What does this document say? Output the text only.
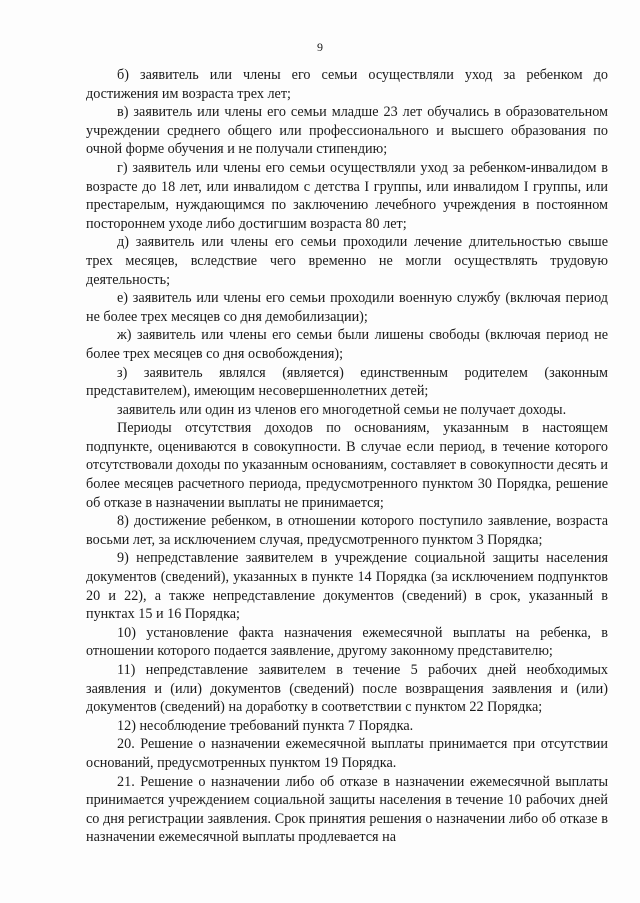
9

б) заявитель или члены его семьи осуществляли уход за ребенком до достижения им возраста трех лет;

в) заявитель или члены его семьи младше 23 лет обучались в образовательном учреждении среднего общего или профессионального и высшего образования по очной форме обучения и не получали стипендию;

г) заявитель или члены его семьи осуществляли уход за ребенком-инвалидом в возрасте до 18 лет, или инвалидом с детства I группы, или инвалидом I группы, или престарелым, нуждающимся по заключению лечебного учреждения в постоянном постороннем уходе либо достигшим возраста 80 лет;

д) заявитель или члены его семьи проходили лечение длительностью свыше трех месяцев, вследствие чего временно не могли осуществлять трудовую деятельность;

е) заявитель или члены его семьи проходили военную службу (включая период не более трех месяцев со дня демобилизации);

ж) заявитель или члены его семьи были лишены свободы (включая период не более трех месяцев со дня освобождения);

з) заявитель являлся (является) единственным родителем (законным представителем), имеющим несовершеннолетних детей;

заявитель или один из членов его многодетной семьи не получает доходы.

Периоды отсутствия доходов по основаниям, указанным в настоящем подпункте, оцениваются в совокупности. В случае если период, в течение которого отсутствовали доходы по указанным основаниям, составляет в совокупности десять и более месяцев расчетного периода, предусмотренного пунктом 30 Порядка, решение об отказе в назначении выплаты не принимается;

8) достижение ребенком, в отношении которого поступило заявление, возраста восьми лет, за исключением случая, предусмотренного пунктом 3 Порядка;

9) непредставление заявителем в учреждение социальной защиты населения документов (сведений), указанных в пункте 14 Порядка (за исключением подпунктов 20 и 22), а также непредставление документов (сведений) в срок, указанный в пунктах 15 и 16 Порядка;

10) установление факта назначения ежемесячной выплаты на ребенка, в отношении которого подается заявление, другому законному представителю;

11) непредставление заявителем в течение 5 рабочих дней необходимых заявления и (или) документов (сведений) после возвращения заявления и (или) документов (сведений) на доработку в соответствии с пунктом 22 Порядка;

12) несоблюдение требований пункта 7 Порядка.

20. Решение о назначении ежемесячной выплаты принимается при отсутствии оснований, предусмотренных пунктом 19 Порядка.

21. Решение о назначении либо об отказе в назначении ежемесячной выплаты принимается учреждением социальной защиты населения в течение 10 рабочих дней со дня регистрации заявления. Срок принятия решения о назначении либо об отказе в назначении ежемесячной выплаты продлевается на
